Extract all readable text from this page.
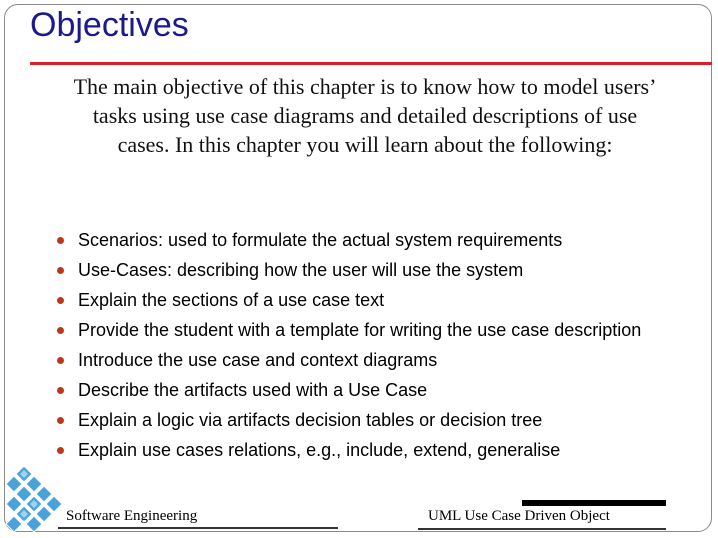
Objectives
The main objective of this chapter is to know how to model users’ tasks using use case diagrams and detailed descriptions of use cases. In this chapter you will learn about the following:
Scenarios: used to formulate the actual system requirements
Use-Cases: describing how the user will use the system
Explain the sections of a use case text
Provide the student with a template for writing the use case description
Introduce the use case and context diagrams
Describe the artifacts used with a Use Case
Explain a logic via artifacts decision tables or decision tree
Explain use cases relations, e.g., include, extend, generalise
Software Engineering	UML Use Case Driven Object
